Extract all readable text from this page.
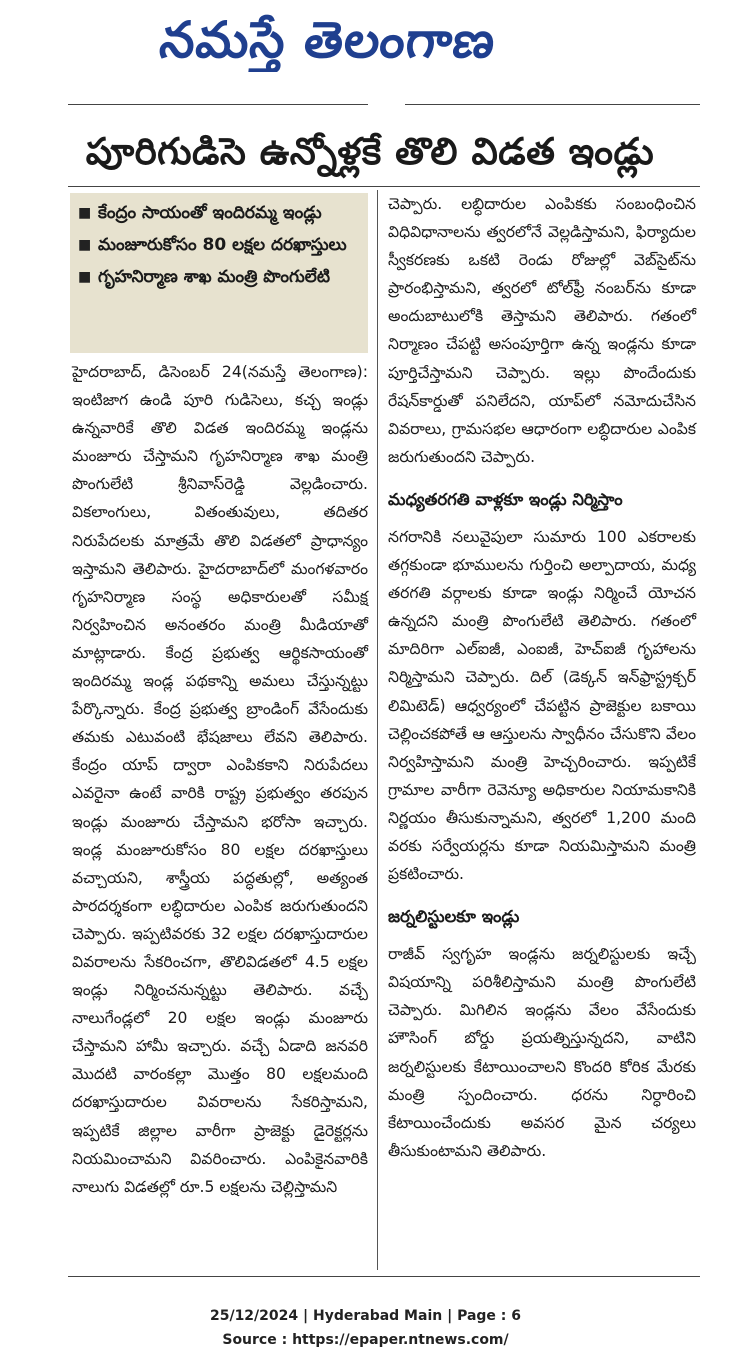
నమస్తే తెలంగాణ
పూరిగుడిసె ఉన్నోళ్లకే తొలి విడత ఇండ్లు
■ కేంద్రం సాయంతో ఇందిరమ్మ ఇండ్లు
■ మంజూరుకోసం 80 లక్షల దరఖాస్తులు
■ గృహనిర్మాణ శాఖ మంత్రి పొంగులేటి

హైదరాబాద్, డిసెంబర్ 24(నమస్తే తెలంగాణ): ఇంటిజాగ ఉండి పూరి గుడిసెలు, కచ్చ ఇండ్లు ఉన్నవారికే తొలి విడత ఇందిరమ్మ ఇండ్లను మంజూరు చేస్తామని గృహనిర్మాణ శాఖ మంత్రి పొంగులేటి శ్రీనివాస్‌రెడ్డి వెల్లడించారు. వికలాంగులు, వితంతువులు, తదితర నిరుపేదలకు మాత్రమే తొలి విడతలో ప్రాధాన్యం ఇస్తామని తెలిపారు. హైదరాబాద్‌లో మంగళవారం గృహనిర్మాణ సంస్థ అధికారులతో సమీక్ష నిర్వహించిన అనంతరం మంత్రి మీడియాతో మాట్లాడారు. కేంద్ర ప్రభుత్వ ఆర్థికసాయంతో ఇందిరమ్మ ఇండ్ల పథకాన్ని అమలు చేస్తున్నట్టు పేర్కొన్నారు. కేంద్ర ప్రభుత్వ బ్రాండింగ్ వేసేందుకు తమకు ఎటువంటి భేషజాలు లేవని తెలిపారు. కేంద్రం యాప్ ద్వారా ఎంపికకాని నిరుపేదలు ఎవరైనా ఉంటే వారికి రాష్ట్ర ప్రభుత్వం తరపున ఇండ్లు మంజూరు చేస్తామని భరోసా ఇచ్చారు. ఇండ్ల మంజూరుకోసం 80 లక్షల దరఖాస్తులు వచ్చాయని, శాస్త్రీయ పద్ధతుల్లో, అత్యంత పారదర్శకంగా లబ్ధిదారుల ఎంపిక జరుగుతుందని చెప్పారు. ఇప్పటివరకు 32 లక్షల దరఖాస్తుదారుల వివరాలను సేకరించగా, తొలివిడతలో 4.5 లక్షల ఇండ్లు నిర్మించనున్నట్టు తెలిపారు. వచ్చే నాలుగేండ్లలో 20 లక్షల ఇండ్లు మంజూరు చేస్తామని హామీ ఇచ్చారు. వచ్చే ఏడాది జనవరి మొదటి వారంకల్లా మొత్తం 80 లక్షలమంది దరఖాస్తుదారుల వివరాలను సేకరిస్తామని, ఇప్పటికే జిల్లాల వారీగా ప్రాజెక్టు డైరెక్టర్లను నియమించామని వివరించారు. ఎంపికైనవారికి నాలుగు విడతల్లో రూ.5 లక్షలను చెల్లిస్తామని

చెప్పారు. లబ్ధిదారుల ఎంపికకు సంబంధించిన విధివిధానాలను త్వరలోనే వెల్లడిస్తామని, ఫిర్యాదుల స్వీకరణకు ఒకటి రెండు రోజుల్లో వెబ్‌సైట్‌ను ప్రారంభిస్తామని, త్వరలో టోల్‌ఫ్రీ నంబర్‌ను కూడా అందుబాటులోకి తెస్తామని తెలిపారు. గతంలో నిర్మాణం చేపట్టి అసంపూర్తిగా ఉన్న ఇండ్లను కూడా పూర్తిచేస్తామని చెప్పారు. ఇల్లు పొందేందుకు రేషన్‌కార్డుతో పనిలేదని, యాప్‌లో నమోదుచేసిన వివరాలు, గ్రామసభల ఆధారంగా లబ్ధిదారుల ఎంపిక జరుగుతుందని చెప్పారు.

మధ్యతరగతి వాళ్లకూ ఇండ్లు నిర్మిస్తాం

నగరానికి నలువైపులా సుమారు 100 ఎకరాలకు తగ్గకుండా భూములను గుర్తించి అల్పాదాయ, మధ్య తరగతి వర్గాలకు కూడా ఇండ్లు నిర్మించే యోచన ఉన్నదని మంత్రి పొంగులేటి తెలిపారు. గతంలో మాదిరిగా ఎల్ఐజీ, ఎంఐజీ, హెచ్ఐజీ గృహాలను నిర్మిస్తామని చెప్పారు. దిల్ (డెక్కన్ ఇన్‌ఫ్రాస్ట్రక్చర్ లిమిటెడ్) ఆధ్వర్యంలో చేపట్టిన ప్రాజెక్టుల బకాయి చెల్లించకపోతే ఆ ఆస్తులను స్వాధీనం చేసుకొని వేలం నిర్వహిస్తామని మంత్రి హెచ్చరించారు. ఇప్పటికే గ్రామాల వారీగా రెవెన్యూ అధికారుల నియామకానికి నిర్ణయం తీసుకున్నామని, త్వరలో 1,200 మంది వరకు సర్వేయర్లను కూడా నియమిస్తామని మంత్రి ప్రకటించారు.

జర్నలిస్టులకూ ఇండ్లు

రాజీవ్ స్వగృహ ఇండ్లను జర్నలిస్టులకు ఇచ్చే విషయాన్ని పరిశీలిస్తామని మంత్రి పొంగులేటి చెప్పారు. మిగిలిన ఇండ్లను వేలం వేసేందుకు హౌసింగ్ బోర్డు ప్రయత్నిస్తున్నదని, వాటిని జర్నలిస్టులకు కేటాయించాలని కొందరి కోరిక మేరకు మంత్రి స్పందించారు. ధరను నిర్ధారించి కేటాయించేందుకు అవసర మైన చర్యలు తీసుకుంటామని తెలిపారు.

25/12/2024 | Hyderabad Main | Page : 6
Source : https://epaper.ntnews.com/
